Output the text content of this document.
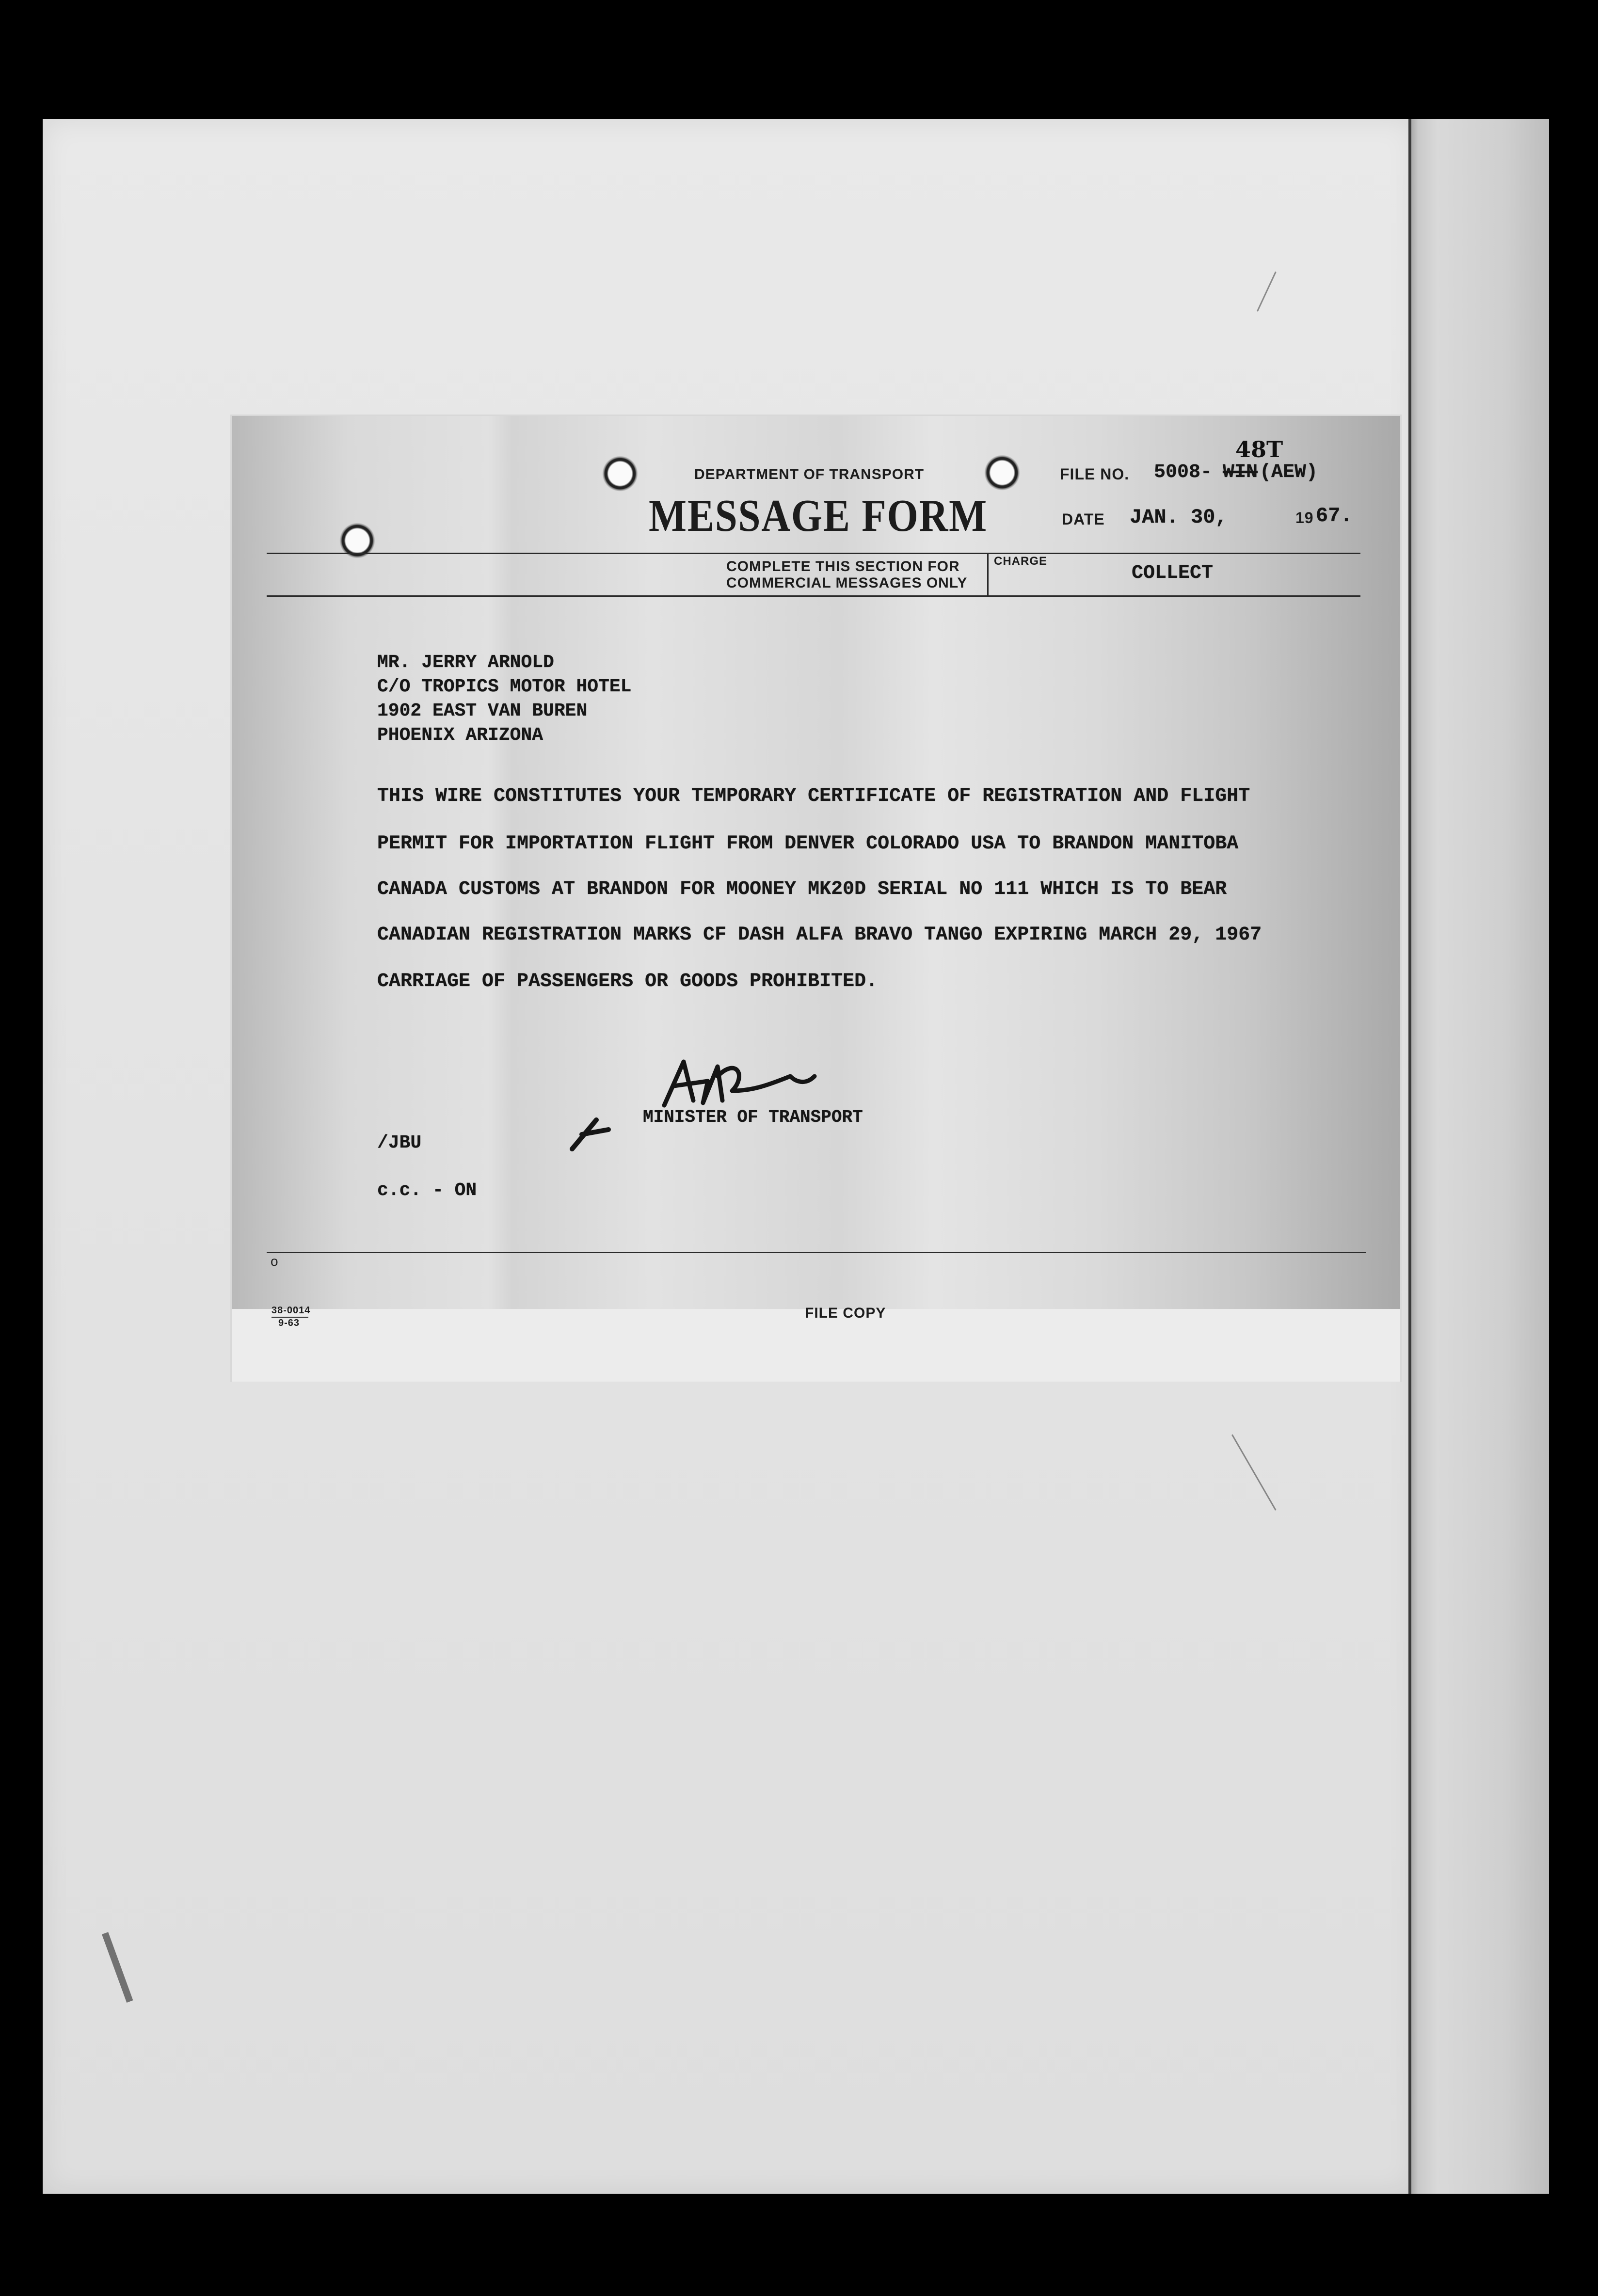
DEPARTMENT OF TRANSPORT
MESSAGE FORM
FILE NO. 5008- WIN
48T
(AEW)
DATE JAN. 30,	19 67.
COMPLETE THIS SECTION FOR
COMMERCIAL MESSAGES ONLY
CHARGE
COLLECT
MR. JERRY ARNOLD
C/O TROPICS MOTOR HOTEL
1902 EAST VAN BUREN
PHOENIX ARIZONA
THIS WIRE CONSTITUTES YOUR TEMPORARY CERTIFICATE OF REGISTRATION AND FLIGHT
PERMIT FOR IMPORTATION FLIGHT FROM DENVER COLORADO USA TO BRANDON MANITOBA
CANADA CUSTOMS AT BRANDON FOR MOONEY MK20D SERIAL NO 111 WHICH IS TO BEAR
CANADIAN REGISTRATION MARKS CF DASH ALFA BRAVO TANGO EXPIRING MARCH 29, 1967
CARRIAGE OF PASSENGERS OR GOODS PROHIBITED.
MINISTER OF TRANSPORT
/JBU
c.c. - ON
o
38-0014
9-63
FILE COPY
